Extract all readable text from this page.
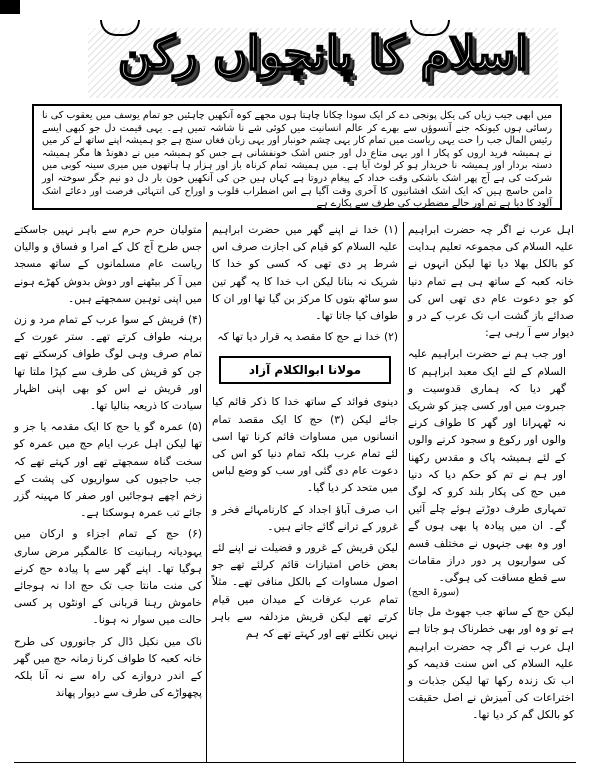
اسلام کا پانچواں رکن

میں ابھی جیب زیاں کی یکل پونجی دے کر ایک سودا چکانا چاہتا ہوں مجھے کوہ آنکھیں چاہئیں جو تمام یوسف میں یعقوب کی نا رسائی ہوں کیونکہ جنے آنسوؤں سے بھرے کر عالم انسانیت میں کوئی شے نا شاشہ تمیں ہے۔ یہی قیمت دل جو کبھی ایسے رئیس المال جب را حت یہی ریاست میں تمام کار یہی چشم خونبار اور یہی زبان فغاں سنج ہے جو ہمیشہ اپنے ساتھ لے کر میں نے ہمیشہ فرید اروں کو پکار ا اور یہی متاع دل اور جنس اشک خونفشانی ہے جس کو ہمیشہ میں نے دھونڈ ھا مگر ہمیشہ دستہ بردار اور ہمیشہ نا خریدار ہو کر لوٹ آیا ہے۔ میں ہمیشہ تمام کرناہ باز اور ہزار ہا ہاتھوں میں میری سینہ کوبی میں شرکت کی ہے آج پھر اشک باشکی وقت خداد کے پیغام دروتا ہے کہاں ہیں جن کی آنکھیں خون بار دل دو نیم جگر سوختہ اور دامن حاسج ہیں کہ ایک اشک افشانیوں کا آخری وقت آگیا ہے اس اضطراب قلوب و اوراح کی انتہائی فرصت اور دعائے اشک آلود کا دیا ہے تم اور حالے مضطرب کی طرف سے پکارے ہے

اہل عرب نے اگر چہ حضرت ابراہیم علیہ السلام کی مجموعہ تعلیم ہدایت کو بالکل بھلا دیا تھا لیکن انہوں نے خانہ کعبہ کے ساتھ ہی ہے تمام دنیا کو جو دعوت عام دی تھی اس کی صدائے باز گشت اب تک عرب کے در و دیوار سے آ رہی ہے:

اور جب ہم نے حضرت ابراہیم علیہ السلام کے لئے ایک معبد ابراہیم کا گھر دیا کہ ہماری قدوسیت و جبروت میں اور کسی چیز کو شریک نہ ٹھہرانا اور گھر کا طواف کرنے والوں اور رکوع و سجود کرنے والوں کے لئے ہمیشہ پاک و مقدس رکھنا اور ہم نے تم کو حکم دیا کہ دنیا میں حج کی پکار بلند کرو کہ لوگ تمہاری طرف دوڑتے ہوئے چلے آئیں گے۔ ان میں پیادہ پا بھی ہوں گے اور وہ بھی جنہوں نے مختلف قسم کی سواریوں پر دور دراز مقامات سے قطع مسافت کی ہوگی۔

(سورۃ الحج)

لیکن حج کے ساتھ جب جھوٹ مل جاتا ہے تو وہ اور بھی خطرناک ہو جاتا ہے اہل عرب نے اگر چہ حضرت ابراہیم علیہ السلام کی اس سنت قدیمہ کو اب تک زندہ رکھا تھا لیکن جذبات و اختراعات کی آمیزش نے اصل حقیقت کو بالکل گم کر دیا تھا۔

(۱) خدا نے اپنے گھر میں حضرت ابراہیم علیہ السلام کو قیام کی اجازت صرف اس شرط پر دی تھی کہ کسی کو خدا کا شریک نہ بنانا لیکن اب خدا کا یہ گھر تین سو ساٹھ بتوں کا مرکز بن گیا تھا اور ان کا طواف کیا جاتا تھا۔

(۲) خدا نے حج کا مقصد یہ قرار دیا تھا کہ

مولانا ابوالکلام آزاد

دینوی فوائد کے ساتھ خدا کا ذکر قائم کیا جائے لیکن (۳) حج کا ایک مقصد تمام انسانوں میں مساوات قائم کرنا تھا اسی لئے تمام عرب بلکہ تمام دنیا کو اس کی دعوت عام دی گئی اور سب کو وضع لباس میں متحد کر دیا گیا۔

اب صرف آباؤ اجداد کے کارنامہائے فخر و غرور کے ترانے گائے جاتے ہیں۔

لیکن قریش کے غرور و فضیلت نے اپنے لئے بعض خاص امتیازات قائم کرلئے تھے جو اصول مساوات کے بالکل منافی تھے۔ مثلاً تمام عرب عرفات کے میدان میں قیام کرتے تھے لیکن قریش مزدلفہ سے باہر نہیں نکلتے تھے اور کہتے تھے کہ ہم

متولیان حرم حرم سے باہر نہیں جاسکتے جس طرح آج کل کے امرا و فساق و والیان ریاست عام مسلمانوں کے ساتھ مسجد میں آ کر بیٹھنے اور دوش بدوش کھڑے ہونے میں اپنی توہین سمجھتے ہیں۔

(۴) قریش کے سوا عرب کے تمام مرد و زن برہنہ طواف کرتے تھے۔ ستر عورت کے تمام صرف وہی لوگ طواف کرسکتے تھے جن کو قریش کی طرف سے کپڑا ملتا تھا اور قریش نے اس کو بھی اپنی اظہار سیادت کا ذریعہ بنالیا تھا۔

(۵) عمرہ گو یا حج کا ایک مقدمہ یا جز و تھا لیکن اہل عرب ایام حج میں عمرہ کو سخت گناہ سمجھتے تھے اور کہتے تھے کہ جب حاجیوں کی سواریوں کی پشت کے زخم اچھے ہوجائیں اور صفر کا مہینہ گزر جائے تب عمرہ ہوسکتا ہے۔

(۶) حج کے تمام اجزاء و ارکان میں یہودیانہ رہبانیت کا عالمگیر مرض ساری ہوگیا تھا۔ اپنے گھر سے پا پیادہ حج کرنے کی منت مانتا جب تک حج ادا نہ ہوجائے خاموش رہنا قربانی کے اونٹوں پر کسی حالت میں سوار نہ ہونا۔

ناک میں نکیل ڈال کر جانوروں کی طرح خانہ کعبہ کا طواف کرنا زمانہ حج میں گھر کے اندر دروازے کی راہ سے نہ آنا بلکہ پچھواڑے کی طرف سے دیوار پھاند
